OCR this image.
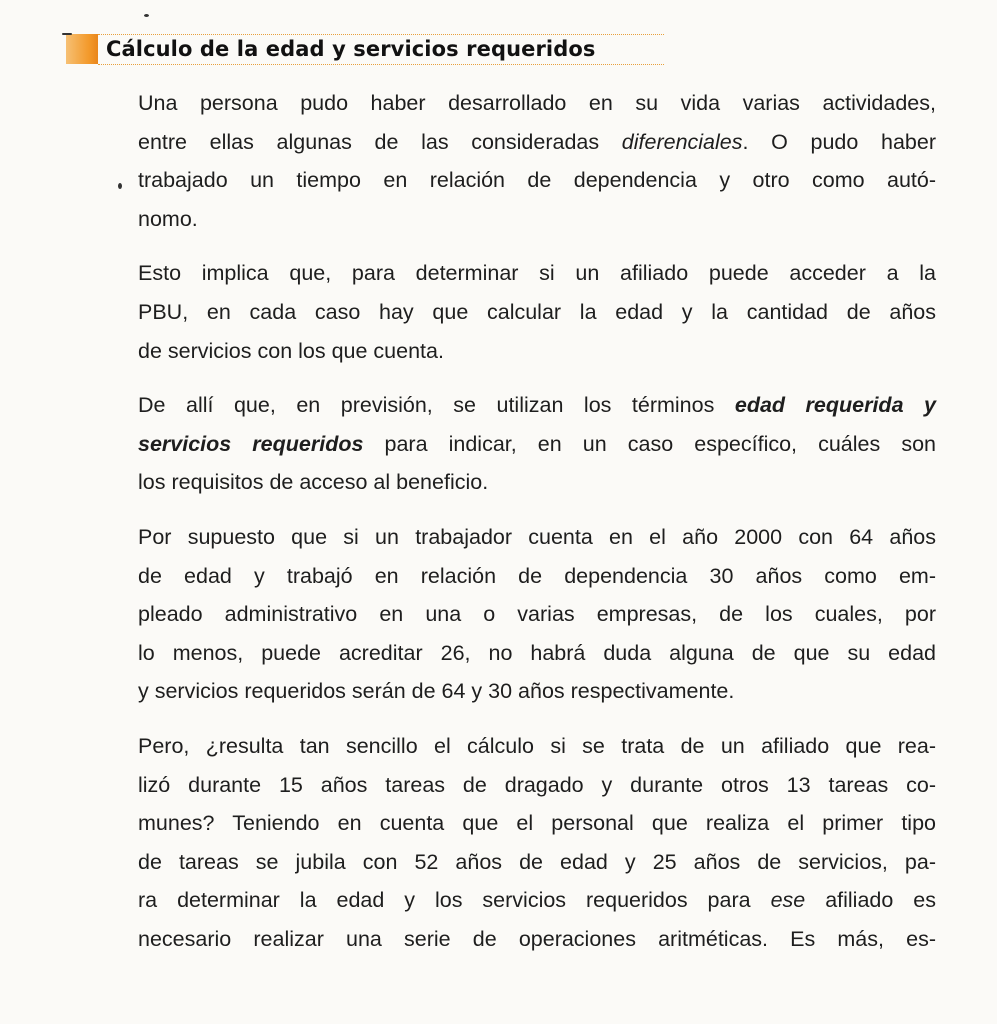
Cálculo de la edad y servicios requeridos

Una persona pudo haber desarrollado en su vida varias actividades,
entre ellas algunas de las consideradas diferenciales. O pudo haber
trabajado un tiempo en relación de dependencia y otro como autó-
nomo.

Esto implica que, para determinar si un afiliado puede acceder a la
PBU, en cada caso hay que calcular la edad y la cantidad de años
de servicios con los que cuenta.

De allí que, en previsión, se utilizan los términos edad requerida y
servicios requeridos para indicar, en un caso específico, cuáles son
los requisitos de acceso al beneficio.

Por supuesto que si un trabajador cuenta en el año 2000 con 64 años
de edad y trabajó en relación de dependencia 30 años como em-
pleado administrativo en una o varias empresas, de los cuales, por
lo menos, puede acreditar 26, no habrá duda alguna de que su edad
y servicios requeridos serán de 64 y 30 años respectivamente.

Pero, ¿resulta tan sencillo el cálculo si se trata de un afiliado que rea-
lizó durante 15 años tareas de dragado y durante otros 13 tareas co-
munes? Teniendo en cuenta que el personal que realiza el primer tipo
de tareas se jubila con 52 años de edad y 25 años de servicios, pa-
ra determinar la edad y los servicios requeridos para ese afiliado es
necesario realizar una serie de operaciones aritméticas. Es más, es-
